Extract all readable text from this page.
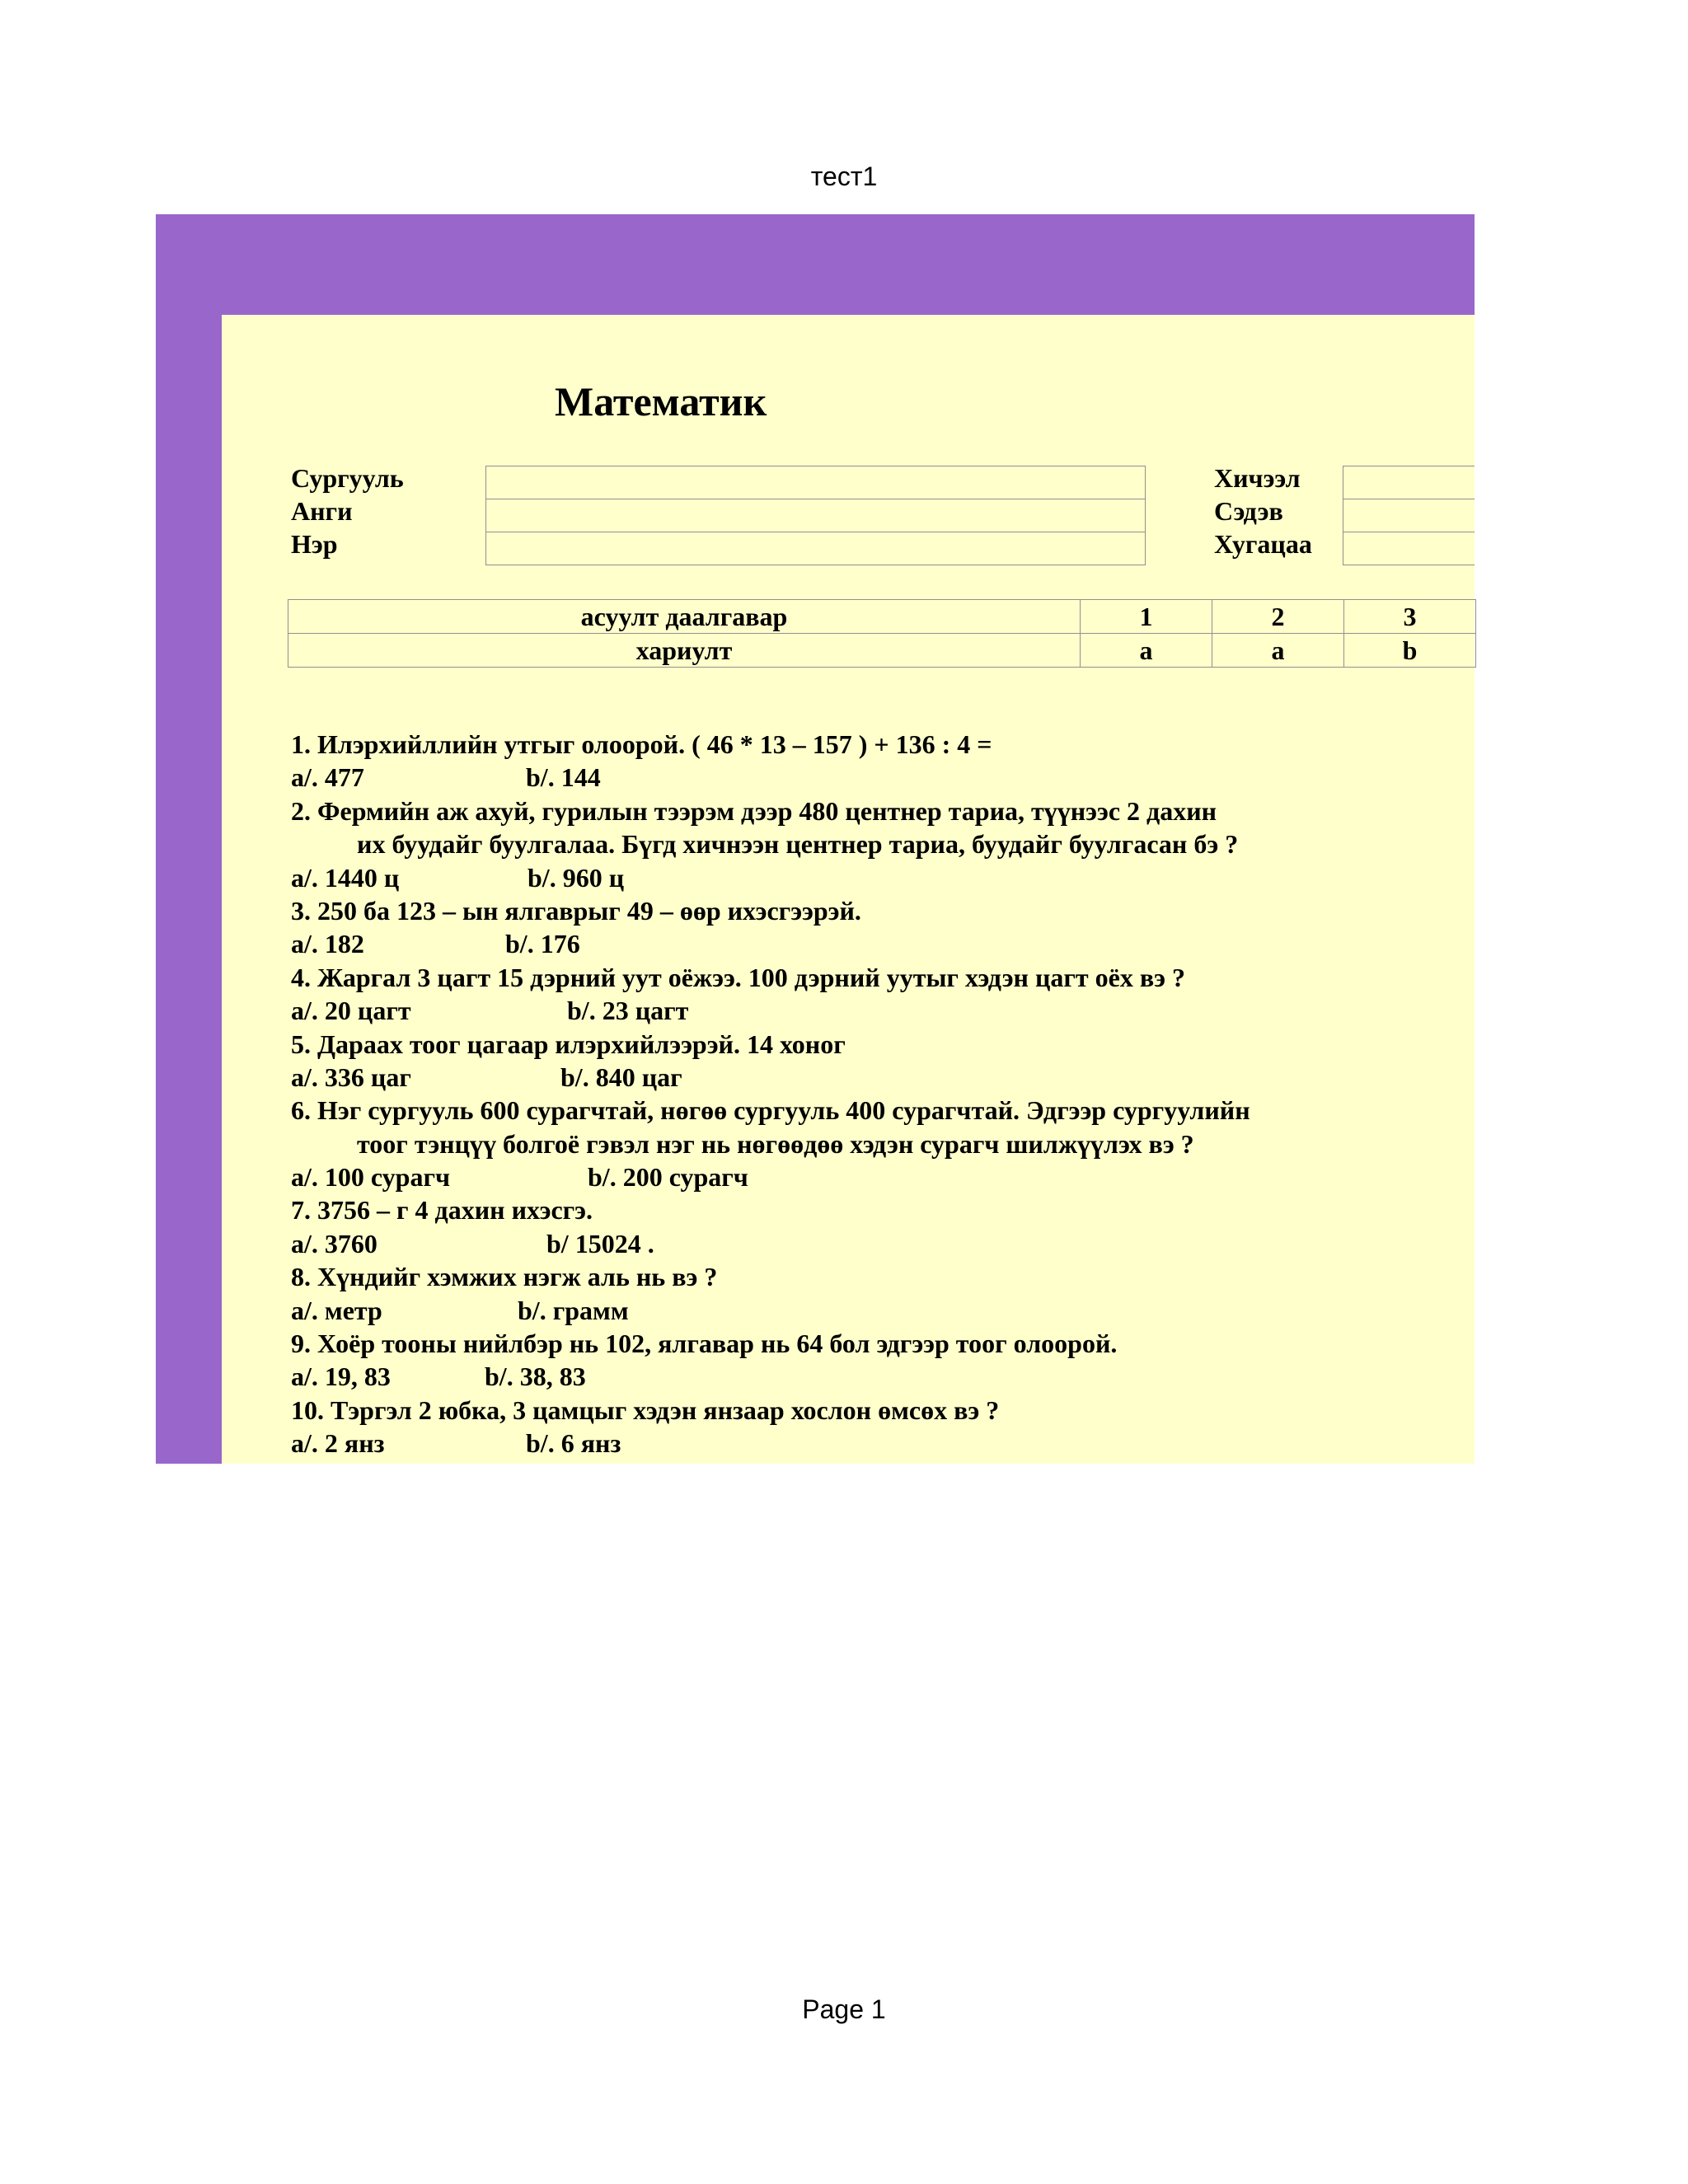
тест1
Математик
Сургууль
Анги
Нэр
Хичээл
Сэдэв
Хугацаа
асуулт даалгавар	1	2	3
хариулт	a	a	b
1. Илэрхийллийн утгыг олоорой. ( 46 * 13 – 157 ) + 136 : 4 =
a/. 477	b/. 144
2. Фермийн аж ахуй, гурилын тээрэм дээр 480 центнер тариа, түүнээс 2 дахин
их буудайг буулгалаа. Бүгд хичнээн центнер тариа, буудайг буулгасан бэ ?
a/. 1440 ц	b/. 960 ц
3. 250 ба 123 – ын ялгаврыг 49 – өөр ихэсгээрэй.
a/. 182	b/. 176
4. Жаргал 3 цагт 15 дэрний уут оёжээ. 100 дэрний уутыг хэдэн цагт оёх вэ ?
a/. 20 цагт	b/. 23 цагт
5. Дараах тоог цагаар илэрхийлээрэй. 14 хоног
a/. 336 цаг	b/. 840 цаг
6. Нэг сургууль 600 сурагчтай, нөгөө сургууль 400 сурагчтай. Эдгээр сургуулийн
тоог тэнцүү болгоё гэвэл нэг нь нөгөөдөө хэдэн сурагч шилжүүлэх вэ ?
a/. 100 сурагч	b/. 200 сурагч
7. 3756 – г 4 дахин ихэсгэ.
a/. 3760	b/ 15024 .
8. Хүндийг хэмжих нэгж аль нь вэ ?
a/. метр	b/. грамм
9. Хоёр тооны нийлбэр нь 102, ялгавар нь 64 бол эдгээр тоог олоорой.
a/. 19, 83	b/. 38, 83
10. Тэргэл 2 юбка, 3 цамцыг хэдэн янзаар хослон өмсөх вэ ?
a/. 2 янз	b/. 6 янз
Page 1
